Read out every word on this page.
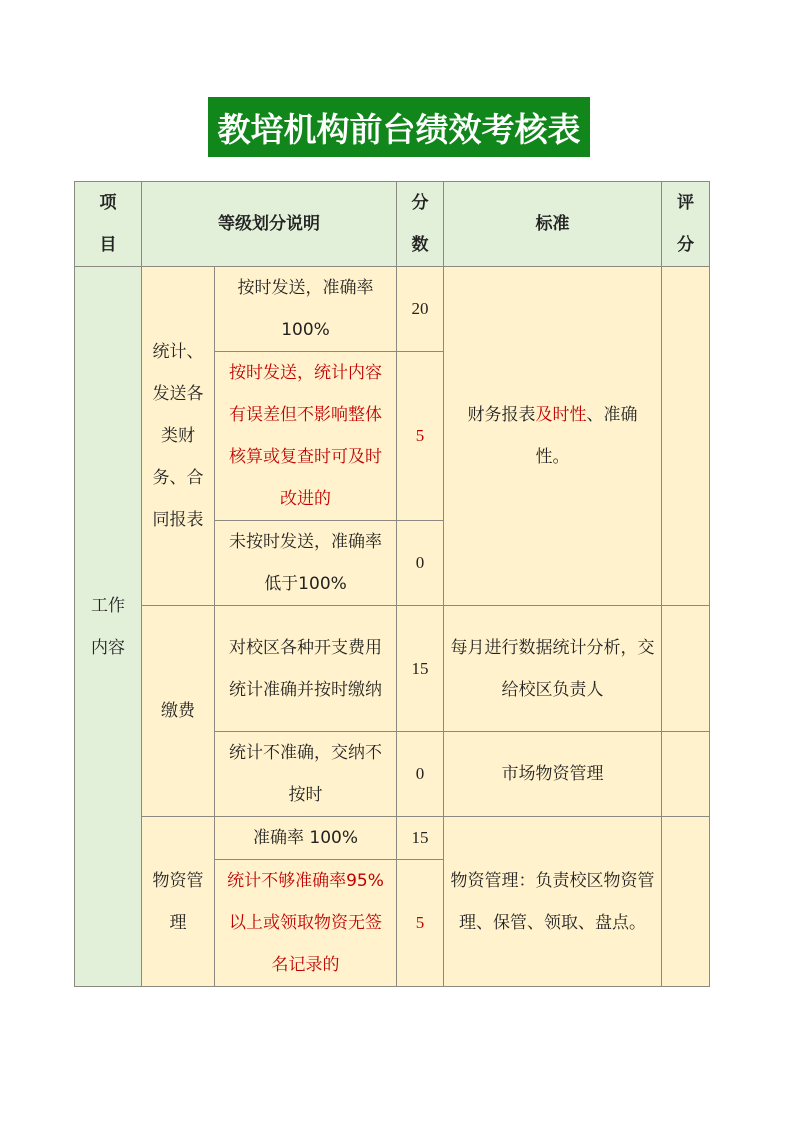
教培机构前台绩效考核表
项目	等级划分说明		分数	标准	评分
工作内容	统计、发送各类财务、合同报表	按时发送，准确率100%	20	财务报表及时性、准确性。	
		按时发送，统计内容有误差但不影响整体核算或复查时可及时改进的	5		
		未按时发送，准确率低于100%	0		
	缴费	对校区各种开支费用统计准确并按时缴纳	15	每月进行数据统计分析，交给校区负责人	
		统计不准确，交纳不按时	0	市场物资管理	
	物资管理	准确率 100%	15	物资管理：负责校区物资管理、保管、领取、盘点。	
		统计不够准确率95%以上或领取物资无签名记录的	5		
